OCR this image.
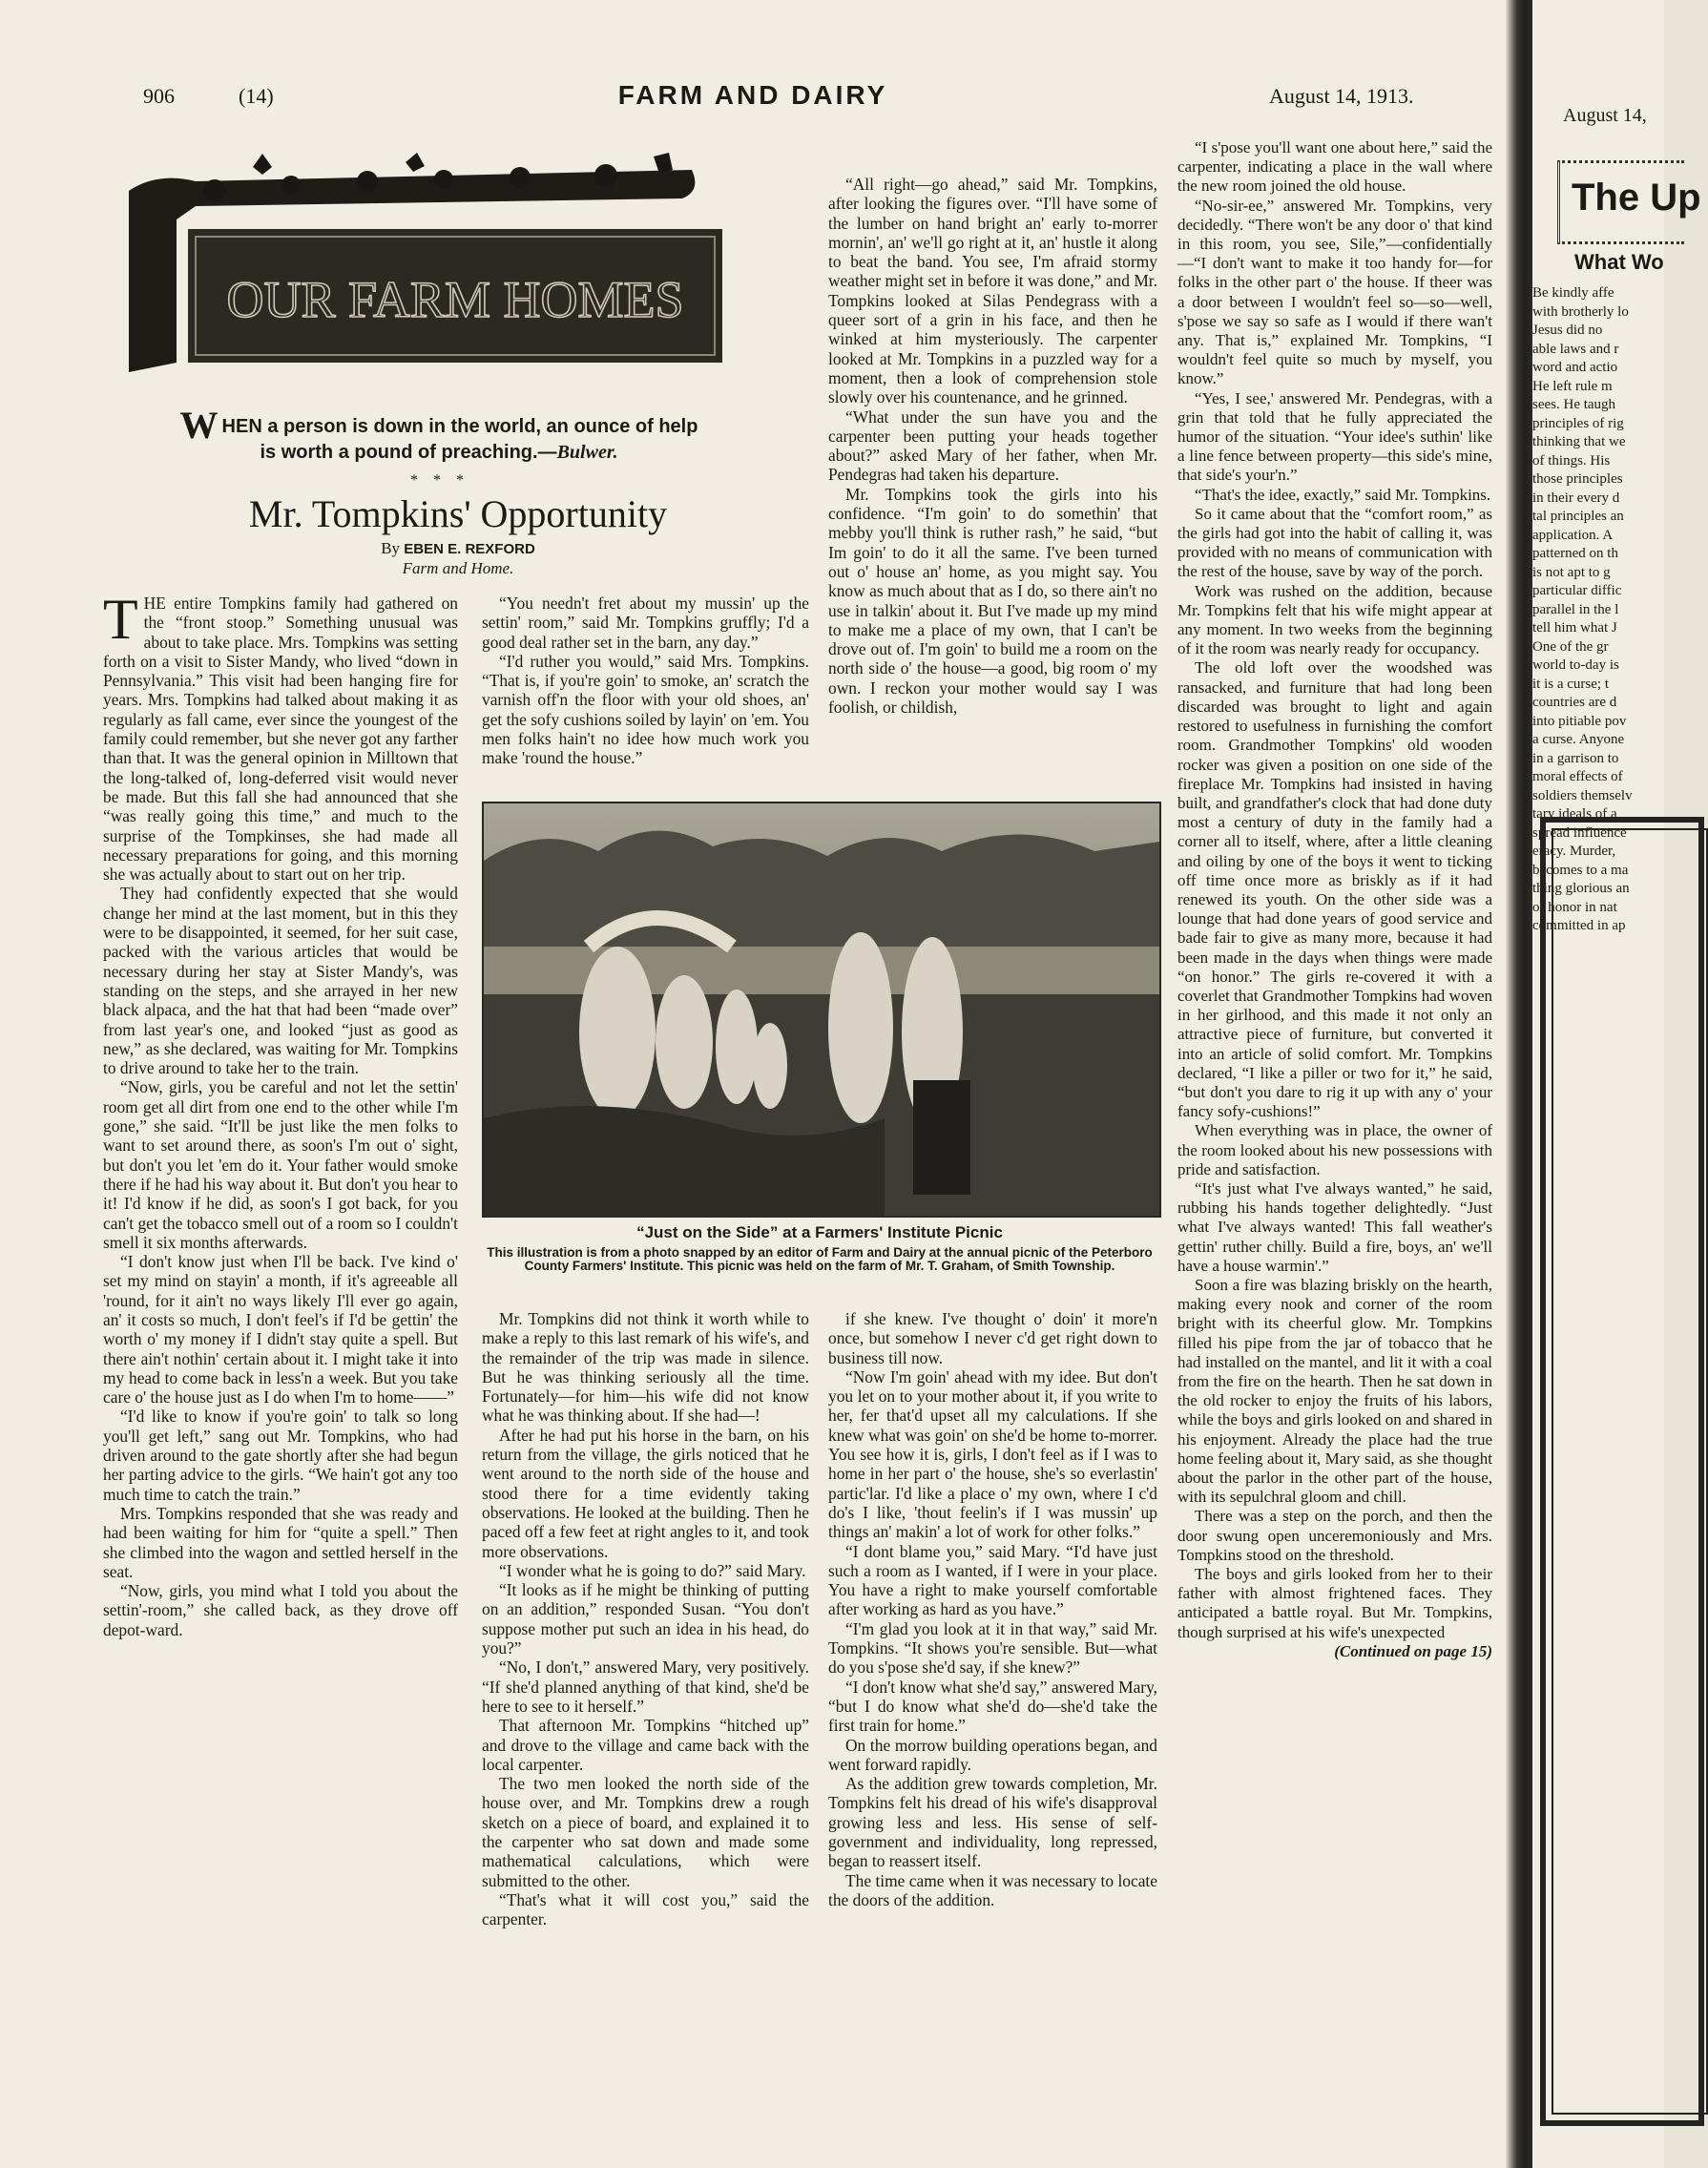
906	(14)	FARM AND DAIRY	August 14, 1913.
OUR FARM HOMES
WHEN a person is down in the world, an ounce of help is worth a pound of preaching.—Bulwer.
* * *
Mr. Tompkins' Opportunity
By EBEN E. REXFORD
Farm and Home.

THE entire Tompkins family had gathered on the “front stoop.” Something unusual was about to take place. Mrs. Tompkins was setting forth on a visit to Sister Mandy, who lived “down in Pennsylvania.” This visit had been hanging fire for years. Mrs. Tompkins had talked about making it as regularly as fall came, ever since the youngest of the family could remember, but she never got any farther than that. It was the general opinion in Milltown that the long-talked of, long-deferred visit would never be made. But this fall she had announced that she “was really going this time,” and much to the surprise of the Tompkinses, she had made all necessary preparations for going, and this morning she was actually about to start out on her trip.

They had confidently expected that she would change her mind at the last moment, but in this they were to be disappointed, it seemed, for her suit case, packed with the various articles that would be necessary during her stay at Sister Mandy's, was standing on the steps, and she arrayed in her new black alpaca, and the hat that had been “made over” from last year's one, and looked “just as good as new,” as she declared, was waiting for Mr. Tompkins to drive around to take her to the train.

“Now, girls, you be careful and not let the settin' room get all dirt from one end to the other while I'm gone,” she said. “It'll be just like the men folks to want to set around there, as soon's I'm out o' sight, but don't you let 'em do it. Your father would smoke there if he had his way about it. But don't you hear to it! I'd know if he did, as soon's I got back, for you can't get the tobacco smell out of a room so I couldn't smell it six months afterwards.

“I don't know just when I'll be back. I've kind o' set my mind on stayin' a month, if it's agreeable all 'round, for it ain't no ways likely I'll ever go again, an' it costs so much, I don't feel's if I'd be gettin' the worth o' my money if I didn't stay quite a spell. But there ain't nothin' certain about it. I might take it into my head to come back in less'n a week. But you take care o' the house just as I do when I'm to home——”

“I'd like to know if you're goin' to talk so long you'll get left,” sang out Mr. Tompkins, who had driven around to the gate shortly after she had begun her parting advice to the girls. “We hain't got any too much time to catch the train.”

Mrs. Tompkins responded that she was ready and had been waiting for him for “quite a spell.” Then she climbed into the wagon and settled herself in the seat.

“Now, girls, you mind what I told you about the settin'-room,” she called back, as they drove off depot-ward.

“You needn't fret about my mussin' up the settin' room,” said Mr. Tompkins gruffly; I'd a good deal rather set in the barn, any day.”

“I'd ruther you would,” said Mrs. Tompkins. “That is, if you're goin' to smoke, an' scratch the varnish off'n the floor with your old shoes, an' get the sofy cushions soiled by layin' on 'em. You men folks hain't no idee how much work you make 'round the house.”

“All right—go ahead,” said Mr. Tompkins, after looking the figures over. “I'll have some of the lumber on hand bright an' early to-morrer mornin', an' we'll go right at it, an' hustle it along to beat the band. You see, I'm afraid stormy weather might set in before it was done,” and Mr. Tompkins looked at Silas Pendegrass with a queer sort of a grin in his face, and then he winked at him mysteriously. The carpenter looked at Mr. Tompkins in a puzzled way for a moment, then a look of comprehension stole slowly over his countenance, and he grinned.

“What under the sun have you and the carpenter been putting your heads together about?” asked Mary of her father, when Mr. Pendegras had taken his departure.

Mr. Tompkins took the girls into his confidence. “I'm goin' to do somethin' that mebby you'll think is ruther rash,” he said, “but Im goin' to do it all the same. I've been turned out o' house an' home, as you might say. You know as much about that as I do, so there ain't no use in talkin' about it. But I've made up my mind to make me a place of my own, that I can't be drove out of. I'm goin' to build me a room on the north side o' the house—a good, big room o' my own. I reckon your mother would say I was foolish, or childish,

“Just on the Side” at a Farmers' Institute Picnic
This illustration is from a photo snapped by an editor of Farm and Dairy at the annual picnic of the Peterboro County Farmers' Institute. This picnic was held on the farm of Mr. T. Graham, of Smith Township.

Mr. Tompkins did not think it worth while to make a reply to this last remark of his wife's, and the remainder of the trip was made in silence. But he was thinking seriously all the time. Fortunately—for him—his wife did not know what he was thinking about. If she had—!

After he had put his horse in the barn, on his return from the village, the girls noticed that he went around to the north side of the house and stood there for a time evidently taking observations. He looked at the building. Then he paced off a few feet at right angles to it, and took more observations.

“I wonder what he is going to do?” said Mary.

“It looks as if he might be thinking of putting on an addition,” responded Susan. “You don't suppose mother put such an idea in his head, do you?”

“No, I don't,” answered Mary, very positively. “If she'd planned anything of that kind, she'd be here to see to it herself.”

That afternoon Mr. Tompkins “hitched up” and drove to the village and came back with the local carpenter.

The two men looked the north side of the house over, and Mr. Tompkins drew a rough sketch on a piece of board, and explained it to the carpenter who sat down and made some mathematical calculations, which were submitted to the other.

“That's what it will cost you,” said the carpenter.

if she knew. I've thought o' doin' it more'n once, but somehow I never c'd get right down to business till now.

“Now I'm goin' ahead with my idee. But don't you let on to your mother about it, if you write to her, fer that'd upset all my calculations. If she knew what was goin' on she'd be home to-morrer. You see how it is, girls, I don't feel as if I was to home in her part o' the house, she's so everlastin' partic'lar. I'd like a place o' my own, where I c'd do's I like, 'thout feelin's if I was mussin' up things an' makin' a lot of work for other folks.”

“I dont blame you,” said Mary. “I'd have just such a room as I wanted, if I were in your place. You have a right to make yourself comfortable after working as hard as you have.”

“I'm glad you look at it in that way,” said Mr. Tompkins. “It shows you're sensible. But—what do you s'pose she'd say, if she knew?”

“I don't know what she'd say,” answered Mary, “but I do know what she'd do—she'd take the first train for home.”

On the morrow building operations began, and went forward rapidly.

As the addition grew towards completion, Mr. Tompkins felt his dread of his wife's disapproval growing less and less. His sense of self-government and individuality, long repressed, began to reassert itself.

The time came when it was necessary to locate the doors of the addition.

“I s'pose you'll want one about here,” said the carpenter, indicating a place in the wall where the new room joined the old house.

“No-sir-ee,” answered Mr. Tompkins, very decidedly. “There won't be any door o' that kind in this room, you see, Sile,”—confidentially—“I don't want to make it too handy for—for folks in the other part o' the house. If theer was a door between I wouldn't feel so—so—well, s'pose we say so safe as I would if there wan't any. That is,” explained Mr. Tompkins, “I wouldn't feel quite so much by myself, you know.”

“Yes, I see,' answered Mr. Pendegras, with a grin that told that he fully appreciated the humor of the situation. “Your idee's suthin' like a line fence between property—this side's mine, that side's your'n.”

“That's the idee, exactly,” said Mr. Tompkins.

So it came about that the “comfort room,” as the girls had got into the habit of calling it, was provided with no means of communication with the rest of the house, save by way of the porch.

Work was rushed on the addition, because Mr. Tompkins felt that his wife might appear at any moment. In two weeks from the beginning of it the room was nearly ready for occupancy.

The old loft over the woodshed was ransacked, and furniture that had long been discarded was brought to light and again restored to usefulness in furnishing the comfort room. Grandmother Tompkins' old wooden rocker was given a position on one side of the fireplace Mr. Tompkins had insisted in having built, and grandfather's clock that had done duty most a century of duty in the family had a corner all to itself, where, after a little cleaning and oiling by one of the boys it went to ticking off time once more as briskly as if it had renewed its youth. On the other side was a lounge that had done years of good service and bade fair to give as many more, because it had been made in the days when things were made “on honor.” The girls re-covered it with a coverlet that Grandmother Tompkins had woven in her girlhood, and this made it not only an attractive piece of furniture, but converted it into an article of solid comfort. Mr. Tompkins declared, “I like a piller or two for it,” he said, “but don't you dare to rig it up with any o' your fancy sofy-cushions!”

When everything was in place, the owner of the room looked about his new possessions with pride and satisfaction.

“It's just what I've always wanted,” he said, rubbing his hands together delightedly. “Just what I've always wanted! This fall weather's gettin' ruther chilly. Build a fire, boys, an' we'll have a house warmin'.”

Soon a fire was blazing briskly on the hearth, making every nook and corner of the room bright with its cheerful glow. Mr. Tompkins filled his pipe from the jar of tobacco that he had installed on the mantel, and lit it with a coal from the fire on the hearth. Then he sat down in the old rocker to enjoy the fruits of his labors, while the boys and girls looked on and shared in his enjoyment. Already the place had the true home feeling about it, Mary said, as she thought about the parlor in the other part of the house, with its sepulchral gloom and chill.

There was a step on the porch, and then the door swung open unceremoniously and Mrs. Tompkins stood on the threshold.

The boys and girls looked from her to their father with almost frightened faces. They anticipated a battle royal. But Mr. Tompkins, though surprised at his wife's unexpected

(Continued on page 15)

August 14,
The Up
What Wo
Be kindly affe
with brotherly lo
Jesus did no
able laws and r
word and actio
He left rule m
sees. He taugh
principles of rig
thinking that we
of things. His
those principles
in their every d
tal principles an
application. A
patterned on th
is not apt to g
particular diffic
parallel in the l
tell him what J
One of the gr
world to-day is
it is a curse; t
countries are d
into pitiable pov
a curse. Anyone
in a garrison to
moral effects of
soldiers themselv
tary ideals of a
spread influence
eracy. Murder,
becomes to a ma
thing glorious an
of honor in nat
committed in ap
